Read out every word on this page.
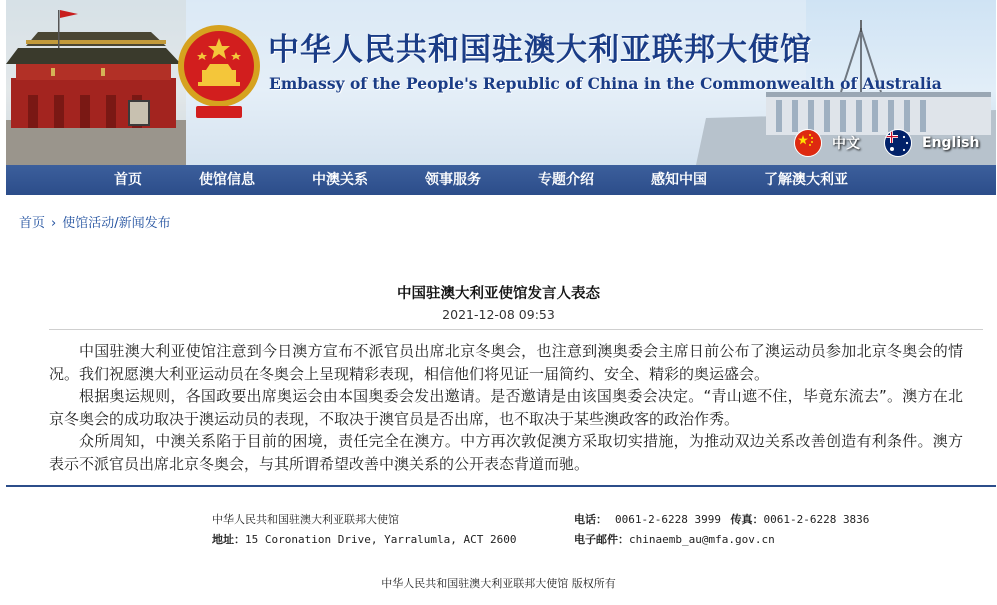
中华人民共和国驻澳大利亚联邦大使馆
Embassy of the People's Republic of China in the Commonwealth of Australia
中文	English
首页	使馆信息	中澳关系	领事服务	专题介绍	感知中国	了解澳大利亚
首页 › 使馆活动/新闻发布
中国驻澳大利亚使馆发言人表态
2021-12-08 09:53

中国驻澳大利亚使馆注意到今日澳方宣布不派官员出席北京冬奥会，也注意到澳奥委会主席日前公布了澳运动员参加北京冬奥会的情况。我们祝愿澳大利亚运动员在冬奥会上呈现精彩表现，相信他们将见证一届简约、安全、精彩的奥运盛会。

根据奥运规则，各国政要出席奥运会由本国奥委会发出邀请。是否邀请是由该国奥委会决定。“青山遮不住，毕竟东流去”。澳方在北京冬奥会的成功取决于澳运动员的表现，不取决于澳官员是否出席，也不取决于某些澳政客的政治作秀。

众所周知，中澳关系陷于目前的困境，责任完全在澳方。中方再次敦促澳方采取切实措施，为推动双边关系改善创造有利条件。澳方表示不派官员出席北京冬奥会，与其所谓希望改善中澳关系的公开表态背道而驰。

中华人民共和国驻澳大利亚联邦大使馆
地址：15 Coronation Drive, Yarralumla, ACT 2600
电话： 0061-2-6228 3999 传真：0061-2-6228 3836
电子邮件：chinaemb_au@mfa.gov.cn
中华人民共和国驻澳大利亚联邦大使馆 版权所有
